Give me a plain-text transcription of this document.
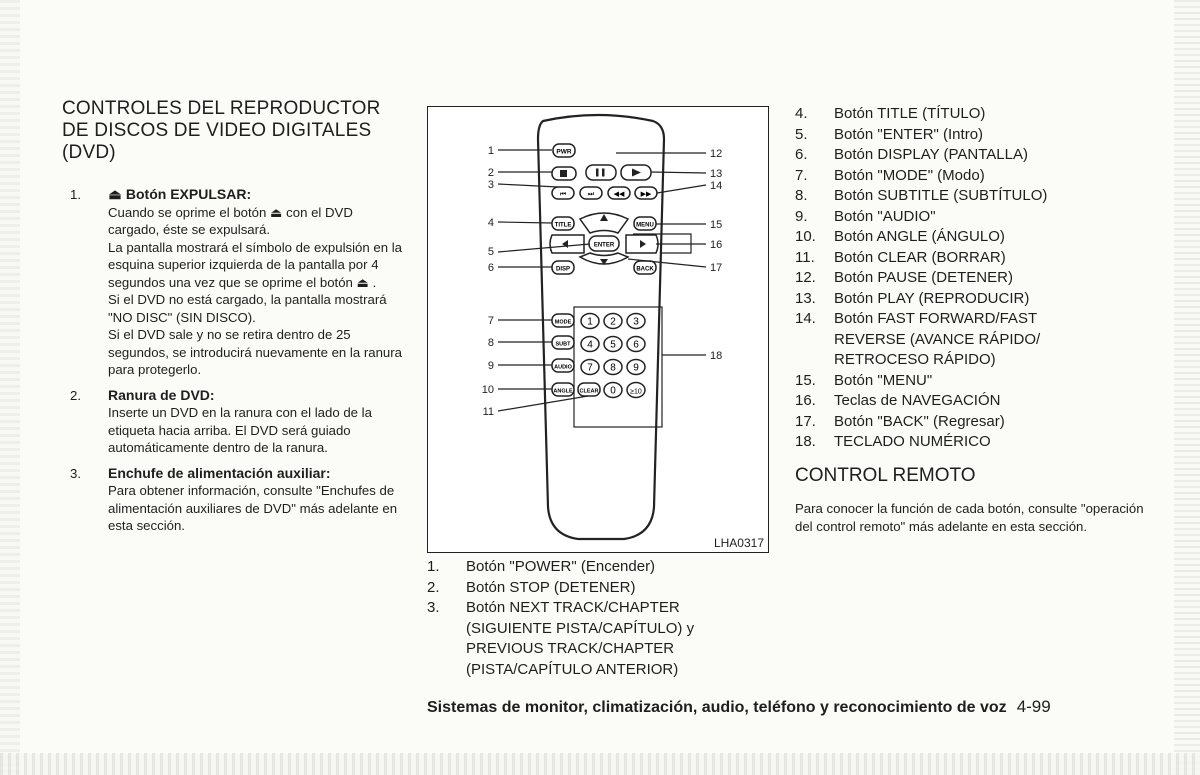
CONTROLES DEL REPRODUCTOR
DE DISCOS DE VIDEO DIGITALES
(DVD)
1.	⏏ Botón EXPULSAR:

Cuando se oprime el botón ⏏ con el DVD cargado, éste se expulsará.

La pantalla mostrará el símbolo de expulsión en la esquina superior izquierda de la pantalla por 4 segundos una vez que se oprime el botón ⏏ .

Si el DVD no está cargado, la pantalla mostrará "NO DISC" (SIN DISCO).

Si el DVD sale y no se retira dentro de 25 segundos, se introducirá nuevamente en la ranura para protegerlo.

2.	Ranura de DVD:

Inserte un DVD en la ranura con el lado de la etiqueta hacia arriba. El DVD será guiado automáticamente dentro de la ranura.

3.	Enchufe de alimentación auxiliar:

Para obtener información, consulte "Enchufes de alimentación auxiliares de DVD" más adelante en esta sección.

PWR
⏮	⏭	◀◀ ▶▶
TITLE	MENU
ENTER
DISP	BACK
MODE
SUBT
AUDIO
ANGLE CLEAR
1 2 3
4 5 6
7 8 9
0 ≥10
1
2
3
4
5
6
7
8
9
10
11
12
13
14
15
16
17
18
LHA0317
1.	Botón "POWER" (Encender)
2.	Botón STOP (DETENER)
3.	Botón NEXT TRACK/CHAPTER (SIGUIENTE PISTA/CAPÍTULO) y PREVIOUS TRACK/CHAPTER (PISTA/CAPÍTULO ANTERIOR)
4.	Botón TITLE (TÍTULO)
5.	Botón "ENTER" (Intro)
6.	Botón DISPLAY (PANTALLA)
7.	Botón "MODE" (Modo)
8.	Botón SUBTITLE (SUBTÍTULO)
9.	Botón "AUDIO"
10.	Botón ANGLE (ÁNGULO)
11.	Botón CLEAR (BORRAR)
12.	Botón PAUSE (DETENER)
13.	Botón PLAY (REPRODUCIR)
14.	Botón FAST FORWARD/FAST REVERSE (AVANCE RÁPIDO/ RETROCESO RÁPIDO)
15.	Botón "MENU"
16.	Teclas de NAVEGACIÓN
17.	Botón "BACK" (Regresar)
18.	TECLADO NUMÉRICO
CONTROL REMOTO

Para conocer la función de cada botón, consulte "operación del control remoto" más adelante en esta sección.

Sistemas de monitor, climatización, audio, teléfono y reconocimiento de voz 4-99
